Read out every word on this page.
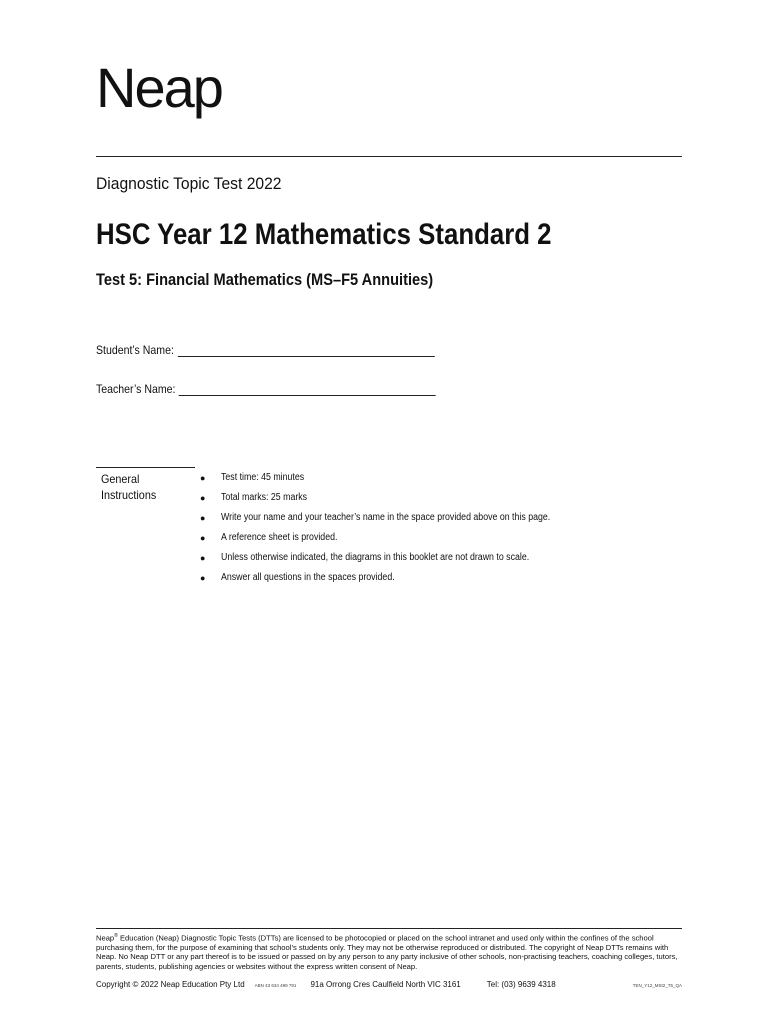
Neap
Diagnostic Topic Test 2022
HSC Year 12 Mathematics Standard 2
Test 5: Financial Mathematics (MS–F5 Annuities)
Student’s Name:
Teacher’s Name:
General
Instructions
●	Test time: 45 minutes
●	Total marks: 25 marks
●	Write your name and your teacher’s name in the space provided above on this page.
●	A reference sheet is provided.
●	Unless otherwise indicated, the diagrams in this booklet are not drawn to scale.
●	Answer all questions in the spaces provided.
Neap® Education (Neap) Diagnostic Topic Tests (DTTs) are licensed to be photocopied or placed on the school intranet and used only within the confines of the school purchasing them, for the purpose of examining that school’s students only. They may not be otherwise reproduced or distributed. The copyright of Neap DTTs remains with Neap. No Neap DTT or any part thereof is to be issued or passed on by any person to any party inclusive of other schools, non-practising teachers, coaching colleges, tutors, parents, students, publishing agencies or websites without the express written consent of Neap.
Copyright © 2022 Neap Education Pty Ltd ABN 43 634 499 791 91a Orrong Cres Caulfield North VIC 3161	Tel: (03) 9639 4318	TEN_Y12_MSt2_T5_QA
